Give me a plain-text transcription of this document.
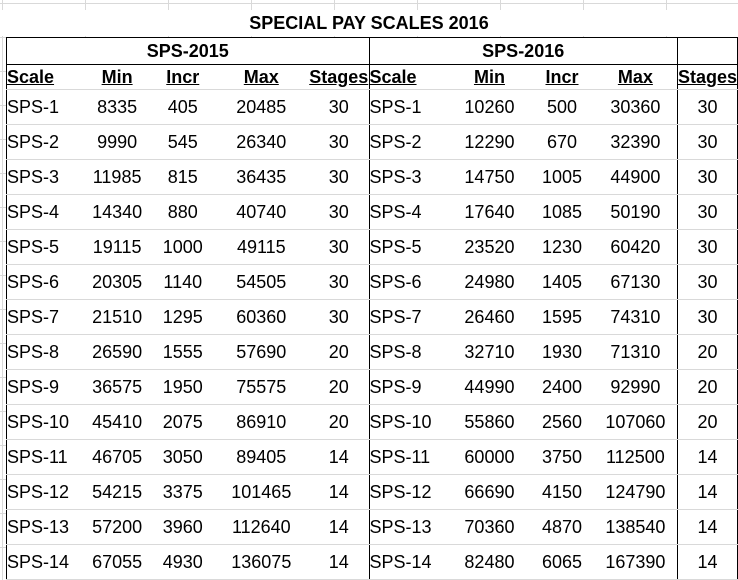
SPECIAL PAY SCALES 2016
SPS-2015					SPS-2016				
Scale	Min	Incr	Max	Stages	Scale	Min	Incr	Max	Stages
SPS-1	8335	405	20485	30	SPS-1	10260	500	30360	30
SPS-2	9990	545	26340	30	SPS-2	12290	670	32390	30
SPS-3	11985	815	36435	30	SPS-3	14750	1005	44900	30
SPS-4	14340	880	40740	30	SPS-4	17640	1085	50190	30
SPS-5	19115	1000	49115	30	SPS-5	23520	1230	60420	30
SPS-6	20305	1140	54505	30	SPS-6	24980	1405	67130	30
SPS-7	21510	1295	60360	30	SPS-7	26460	1595	74310	30
SPS-8	26590	1555	57690	20	SPS-8	32710	1930	71310	20
SPS-9	36575	1950	75575	20	SPS-9	44990	2400	92990	20
SPS-10	45410	2075	86910	20	SPS-10	55860	2560	107060	20
SPS-11	46705	3050	89405	14	SPS-11	60000	3750	112500	14
SPS-12	54215	3375	101465	14	SPS-12	66690	4150	124790	14
SPS-13	57200	3960	112640	14	SPS-13	70360	4870	138540	14
SPS-14	67055	4930	136075	14	SPS-14	82480	6065	167390	14
